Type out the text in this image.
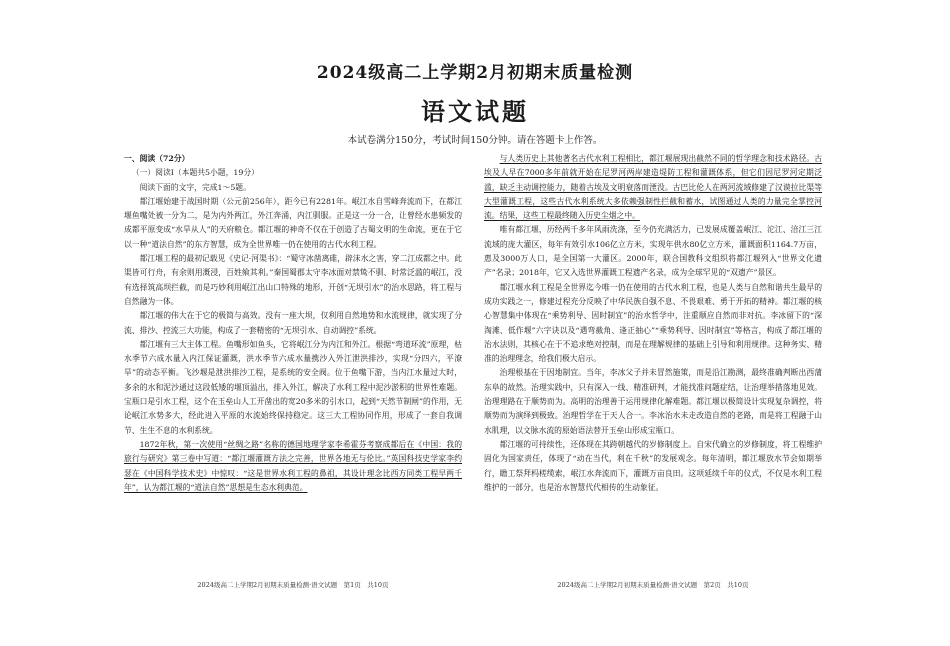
2024级高二上学期2月初期末质量检测
语文试题
本试卷满分150分，考试时间150分钟。请在答题卡上作答。

一、阅读（72分）

（一）阅读Ⅰ（本题共5小题，19分）

阅读下面的文字，完成1～5题。

都江堰始建于战国时期（公元前256年），距今已有2281年。岷江水自雪峰奔流而下，在都江堰鱼嘴处被一分为二，是为内外两江，外江奔涌，内江驯服。正是这一分一合，让曾经水患频发的成都平原变成“水旱从人”的天府粮仓。都江堰的神奇不仅在于创造了古蜀文明的生命流，更在于它以一种“道法自然”的东方智慧，成为全世界唯一仍在使用的古代水利工程。

都江堰工程的最初记载见《史记·河渠书》：“蜀守冰凿离碓，辟沫水之害，穿二江成都之中。此渠皆可行舟，有余则用溉浸，百姓飨其利。”秦国蜀郡太守李冰面对禁鸷不驯、时常泛滥的岷江，没有选择筑高坝拦截，而是巧妙利用岷江出山口特殊的地形，开创“无坝引水”的治水思路，将工程与自然融为一体。

都江堰的伟大在于它的极简与高效。没有一座大坝，仅利用自然地势和水流规律，就实现了分流、排沙、控流三大功能，构成了一套精密的“无坝引水、自动调控”系统。

都江堰有三大主体工程。鱼嘴形如鱼头，它将岷江分为内江和外江。根据“弯道环流”原理，枯水季节六成水量入内江保证灌溉，洪水季节六成水量携沙入外江泄洪排沙，实现“分四六，平潦旱”的动态平衡。飞沙堰是泄洪排沙工程，是系统的安全阀。位于鱼嘴下游，当内江水量过大时，多余的水和泥沙通过这段低矮的堰顶溢出，排入外江，解决了水利工程中泥沙淤积的世界性难题。宝瓶口是引水工程，这个在玉垒山人工开凿出的宽20多米的引水口，起到“天然节制闸”的作用，无论岷江水势多大，经此进入平原的水流始终保持稳定。这三大工程协同作用，形成了一套自我调节、生生不息的水利系统。

1872年秋，第一次使用“丝绸之路”名称的德国地理学家李希霍芬考察成都后在《中国：我的旅行与研究》第三卷中写道：“都江堰灌溉方法之完善，世界各地无与伦比。”英国科技史学家李约瑟在《中国科学技术史》中惊叹：“这是世界水利工程的鼻祖，其设计理念比西方同类工程早两千年”，认为都江堰的“道法自然”思想是生态水利典范。

与人类历史上其他著名古代水利工程相比，都江堰展现出截然不同的哲学理念和技术路径。古埃及人早在7000多年前就开始在尼罗河两岸建造堤防工程和灌溉体系，但它们因尼罗河定期泛滥，缺乏主动调控能力，随着古埃及文明衰落而湮没。古巴比伦人在两河流域修建了汉谟拉比渠等大型灌溉工程，这些古代水利系统大多依赖强制性拦截和蓄水，试图通过人类的力量完全掌控河流。结果，这些工程最终随入历史尘烟之中。

唯有都江堰，历经两千多年风雨洗涤，至今仍充满活力，已发展成覆盖岷江、沱江、涪江三江流域的庞大灌区，每年有效引水106亿立方米，实现年供水80亿立方米，灌溉面积1164.7万亩，惠及3000万人口，是全国第一大灌区。2000年，联合国教科文组织将都江堰列入“世界文化遗产”名录；2018年，它又入选世界灌溉工程遗产名录，成为全球罕见的“双遗产”景区。

都江堰水利工程是全世界迄今唯一仍在使用的古代水利工程，也是人类与自然和谐共生最早的成功实践之一，修建过程充分反映了中华民族自强不息、不畏艰难、勇于开拓的精神。都江堰的核心智慧集中体现在“乘势利导、因时制宜”的治水哲学中，注重顺应自然而非对抗。李冰留下的“深淘滩、低作堰”六字诀以及“遇弯截角、逢正抽心”“乘势利导、因时制宜”等格言，构成了都江堰的治水法则，其核心在于不追求绝对控制，而是在理解规律的基础上引导和利用规律。这种务实、精准的治理理念，给我们极大启示。

治理根基在于因地制宜。当年，李冰父子并未冒然施策，而是沿江勘测，最终准确判断出西蒲东阜的故然。治理实践中，只有深入一线、精准研判，才能找准问题症结，让治理举措落地见效。治理理路在于顺势而为。高明的治理善于运用规律化解难题。都江堰以极简设计实现复杂调控，将顺势而为演绎到极致。治理哲学在于天人合一。李冰治水未走改造自然的老路，而是将工程融于山水肌理，以文脉水流的原始语法替开玉垒山形成宝瓶口。

都江堰的可持续性，还体现在其跨朝越代的岁修制度上。自宋代确立的岁修制度，将工程维护固化为国家责任，体现了“动在当代，利在千秋”的发展观念。每年清明，都江堰放水节会如期举行，瞻工祭拜杩槎缆索，岷江水奔流而下，灌溉万亩良田。这项延续千年的仪式，不仅是水利工程维护的一部分，也是治水智慧代代相传的生动象征。

2024级高二上学期2月初期末质量检测·语文试题　第1页　共10页	2024级高二上学期2月初期末质量检测·语文试题　第2页　共10页
